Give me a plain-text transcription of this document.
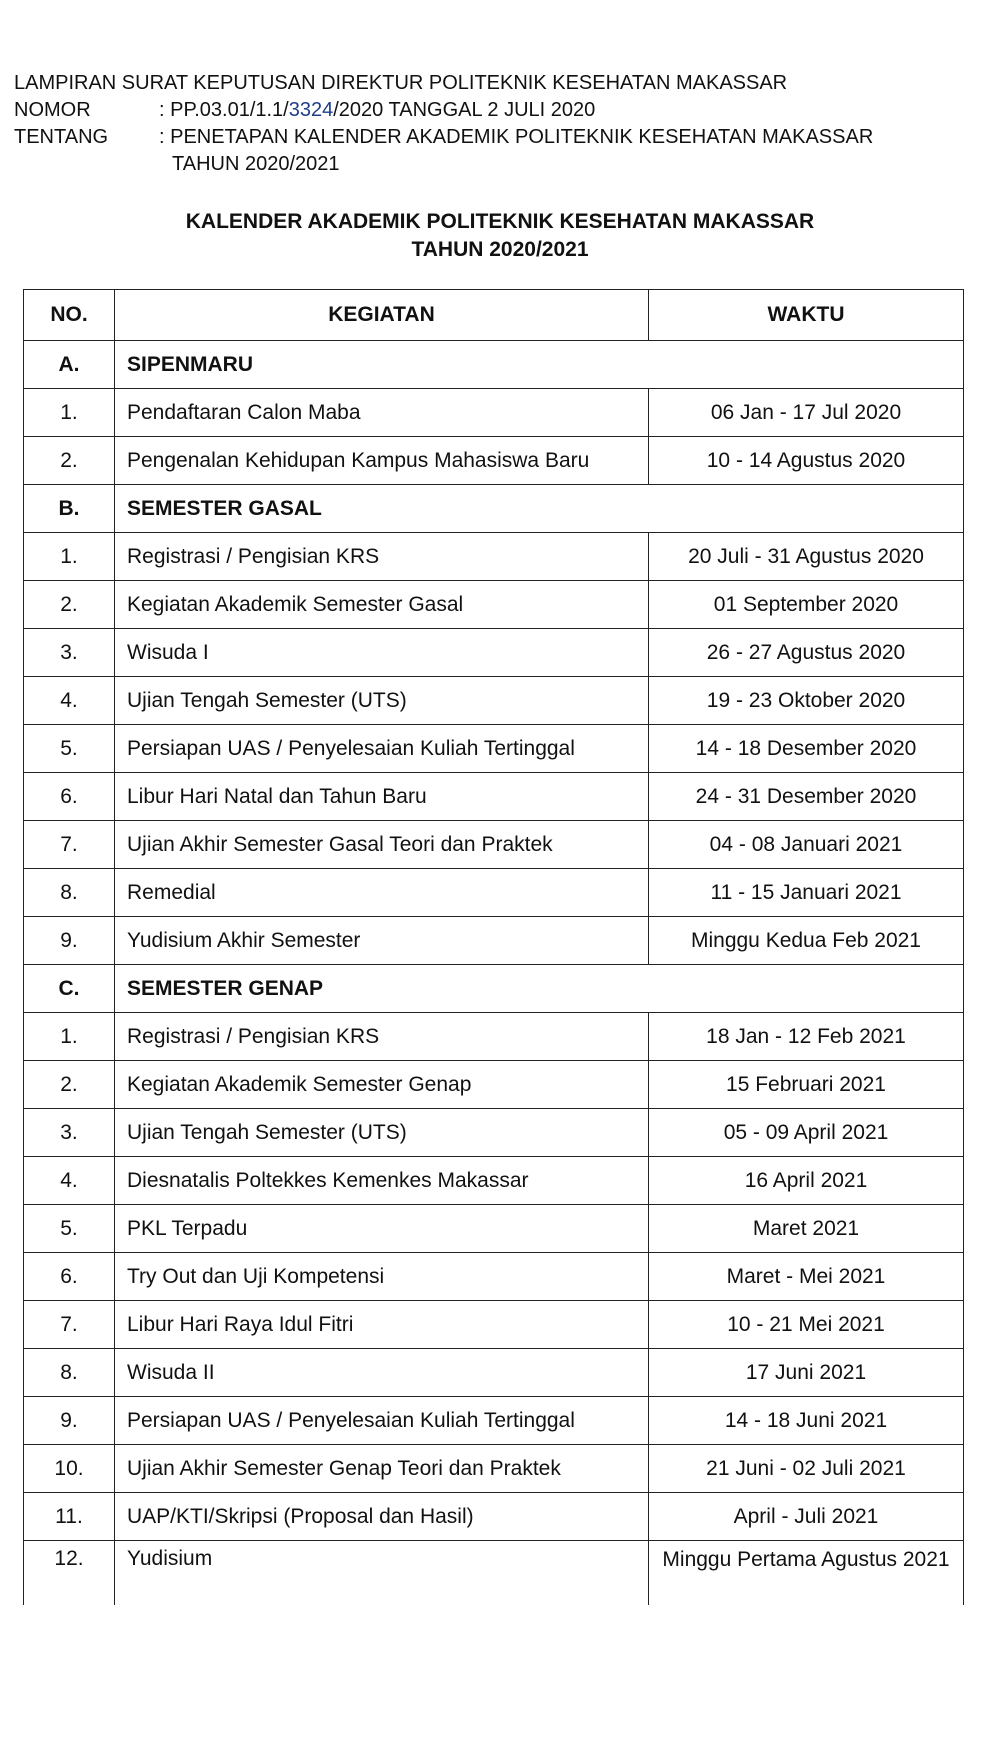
LAMPIRAN SURAT KEPUTUSAN DIREKTUR POLITEKNIK KESEHATAN MAKASSAR
NOMOR	: PP.03.01/1.1/3324/2020 TANGGAL 2 JULI 2020
TENTANG	: PENETAPAN KALENDER AKADEMIK POLITEKNIK KESEHATAN MAKASSAR
TAHUN 2020/2021
KALENDER AKADEMIK POLITEKNIK KESEHATAN MAKASSAR
TAHUN 2020/2021
NO.	KEGIATAN	WAKTU
A.	SIPENMARU	
1.	Pendaftaran Calon Maba	06 Jan - 17 Jul 2020
2.	Pengenalan Kehidupan Kampus Mahasiswa Baru	10 - 14 Agustus 2020
B.	SEMESTER GASAL	
1.	Registrasi / Pengisian KRS	20 Juli - 31 Agustus 2020
2.	Kegiatan Akademik Semester Gasal	01 September 2020
3.	Wisuda I	26 - 27 Agustus 2020
4.	Ujian Tengah Semester (UTS)	19 - 23 Oktober 2020
5.	Persiapan UAS / Penyelesaian Kuliah Tertinggal	14 - 18 Desember 2020
6.	Libur Hari Natal dan Tahun Baru	24 - 31 Desember 2020
7.	Ujian Akhir Semester Gasal Teori dan Praktek	04 - 08 Januari 2021
8.	Remedial	11 - 15 Januari 2021
9.	Yudisium Akhir Semester	Minggu Kedua Feb 2021
C.	SEMESTER GENAP	
1.	Registrasi / Pengisian KRS	18 Jan - 12 Feb 2021
2.	Kegiatan Akademik Semester Genap	15 Februari 2021
3.	Ujian Tengah Semester (UTS)	05 - 09 April 2021
4.	Diesnatalis Poltekkes Kemenkes Makassar	16 April 2021
5.	PKL Terpadu	Maret 2021
6.	Try Out dan Uji Kompetensi	Maret - Mei 2021
7.	Libur Hari Raya Idul Fitri	10 - 21 Mei 2021
8.	Wisuda II	17 Juni 2021
9.	Persiapan UAS / Penyelesaian Kuliah Tertinggal	14 - 18 Juni 2021
10.	Ujian Akhir Semester Genap Teori dan Praktek	21 Juni - 02 Juli 2021
11.	UAP/KTI/Skripsi (Proposal dan Hasil)	April - Juli 2021
12.	Yudisium	Minggu Pertama Agustus 2021
